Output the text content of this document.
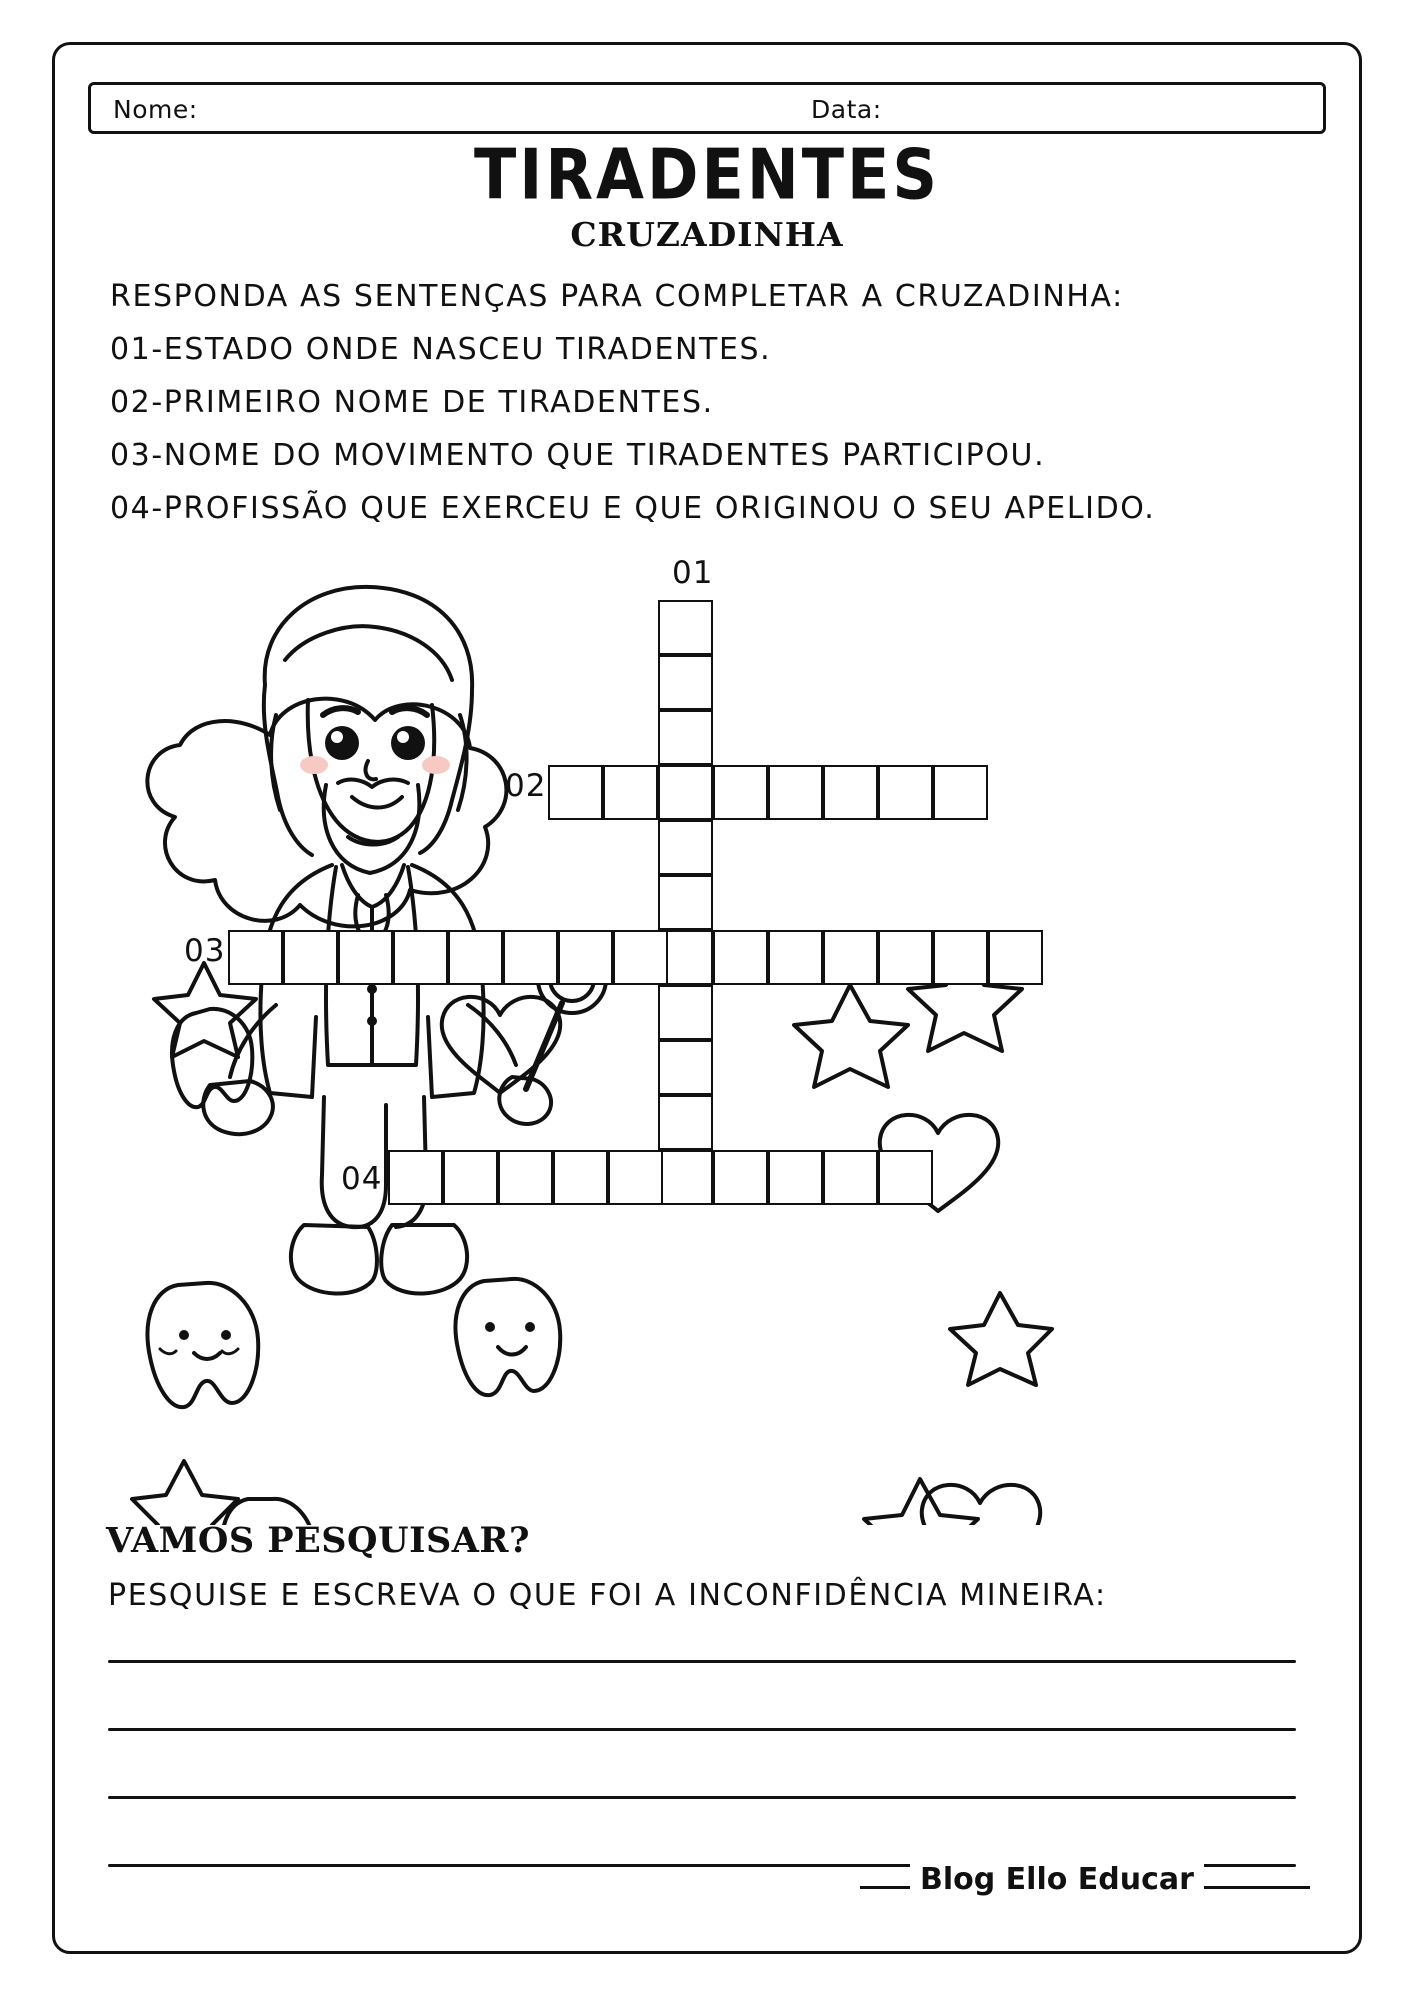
Nome:	Data:
TIRADENTES
CRUZADINHA
RESPONDA AS SENTENÇAS PARA COMPLETAR A CRUZADINHA:
01-ESTADO ONDE NASCEU TIRADENTES.
02-PRIMEIRO NOME DE TIRADENTES.
03-NOME DO MOVIMENTO QUE TIRADENTES PARTICIPOU.
04-PROFISSÃO QUE EXERCEU E QUE ORIGINOU O SEU APELIDO.
01
02
03
04
VAMOS PESQUISAR?
PESQUISE E ESCREVA O QUE FOI A INCONFIDÊNCIA MINEIRA:
Blog Ello Educar
